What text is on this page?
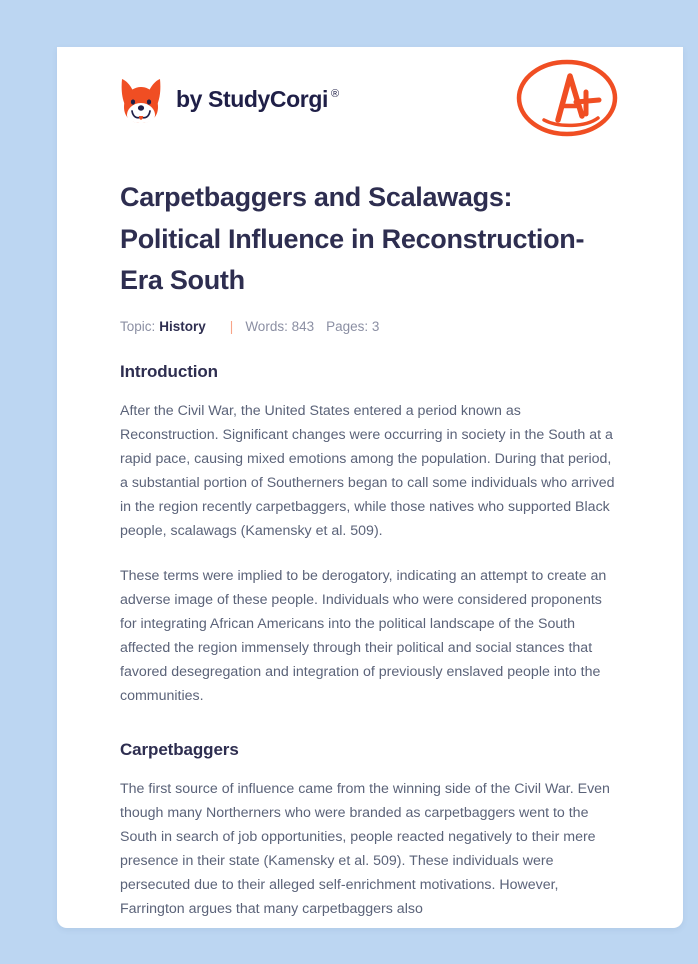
by StudyCorgi ®
Carpetbaggers and Scalawags: Political Influence in Reconstruction-Era South
Topic: History | Words: 843 Pages: 3
Introduction

After the Civil War, the United States entered a period known as Reconstruction. Significant changes were occurring in society in the South at a rapid pace, causing mixed emotions among the population. During that period, a substantial portion of Southerners began to call some individuals who arrived in the region recently carpetbaggers, while those natives who supported Black people, scalawags (Kamensky et al. 509).

These terms were implied to be derogatory, indicating an attempt to create an adverse image of these people. Individuals who were considered proponents for integrating African Americans into the political landscape of the South affected the region immensely through their political and social stances that favored desegregation and integration of previously enslaved people into the communities.

Carpetbaggers

The first source of influence came from the winning side of the Civil War. Even though many Northerners who were branded as carpetbaggers went to the South in search of job opportunities, people reacted negatively to their mere presence in their state (Kamensky et al. 509). These individuals were persecuted due to their alleged self-enrichment motivations. However, Farrington argues that many carpetbaggers also
